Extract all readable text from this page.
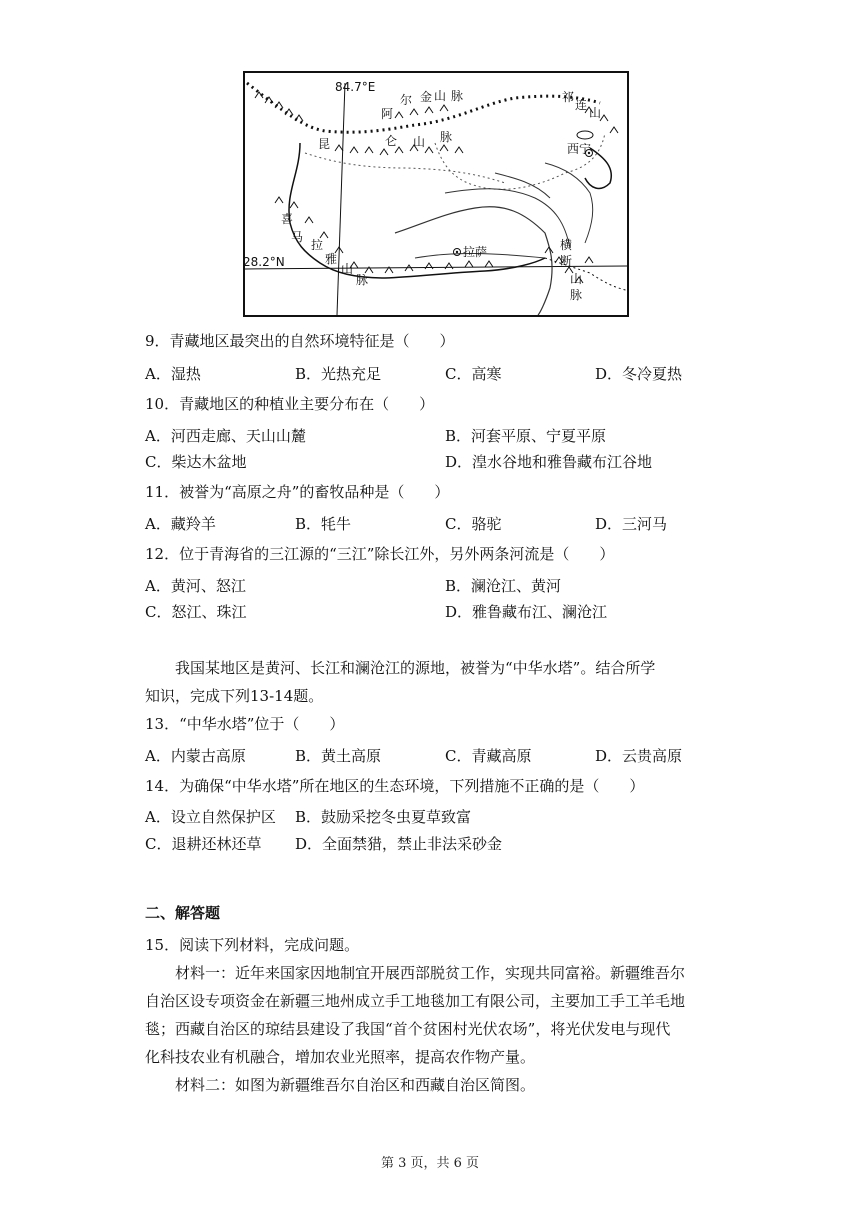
84.7°E
28.2°N
阿
尔 金 山 脉	祁
连
山
昆	仑 山 脉
喜
马
拉
雅
山
脉
横
断
山
脉
西宁
拉萨
9．青藏地区最突出的自然环境特征是（　　）
A．湿热	B．光热充足	C．高寒	D．冬冷夏热
10．青藏地区的种植业主要分布在（　　）
A．河西走廊、天山山麓	B．河套平原、宁夏平原
C．柴达木盆地	D．湟水谷地和雅鲁藏布江谷地
11．被誉为“高原之舟”的畜牧品种是（　　）
A．藏羚羊	B．牦牛	C．骆驼	D．三河马
12．位于青海省的三江源的“三江”除长江外，另外两条河流是（　　）
A．黄河、怒江	B．澜沧江、黄河
C．怒江、珠江	D．雅鲁藏布江、澜沧江
我国某地区是黄河、长江和澜沧江的源地，被誉为“中华水塔”。结合所学
知识，完成下列13-14题。
13．“中华水塔”位于（　　）
A．内蒙古高原	B．黄土高原	C．青藏高原	D．云贵高原
14．为确保“中华水塔”所在地区的生态环境，下列措施不正确的是（　　）
A．设立自然保护区 B．鼓励采挖冬虫夏草致富
C．退耕还林还草 D．全面禁猎，禁止非法采砂金
二、解答题
15．阅读下列材料，完成问题。
材料一：近年来国家因地制宜开展西部脱贫工作，实现共同富裕。新疆维吾尔
自治区设专项资金在新疆三地州成立手工地毯加工有限公司，主要加工手工羊毛地
毯；西藏自治区的琼结县建设了我国“首个贫困村光伏农场”，将光伏发电与现代
化科技农业有机融合，增加农业光照率，提高农作物产量。
材料二：如图为新疆维吾尔自治区和西藏自治区简图。
第 3 页，共 6 页
